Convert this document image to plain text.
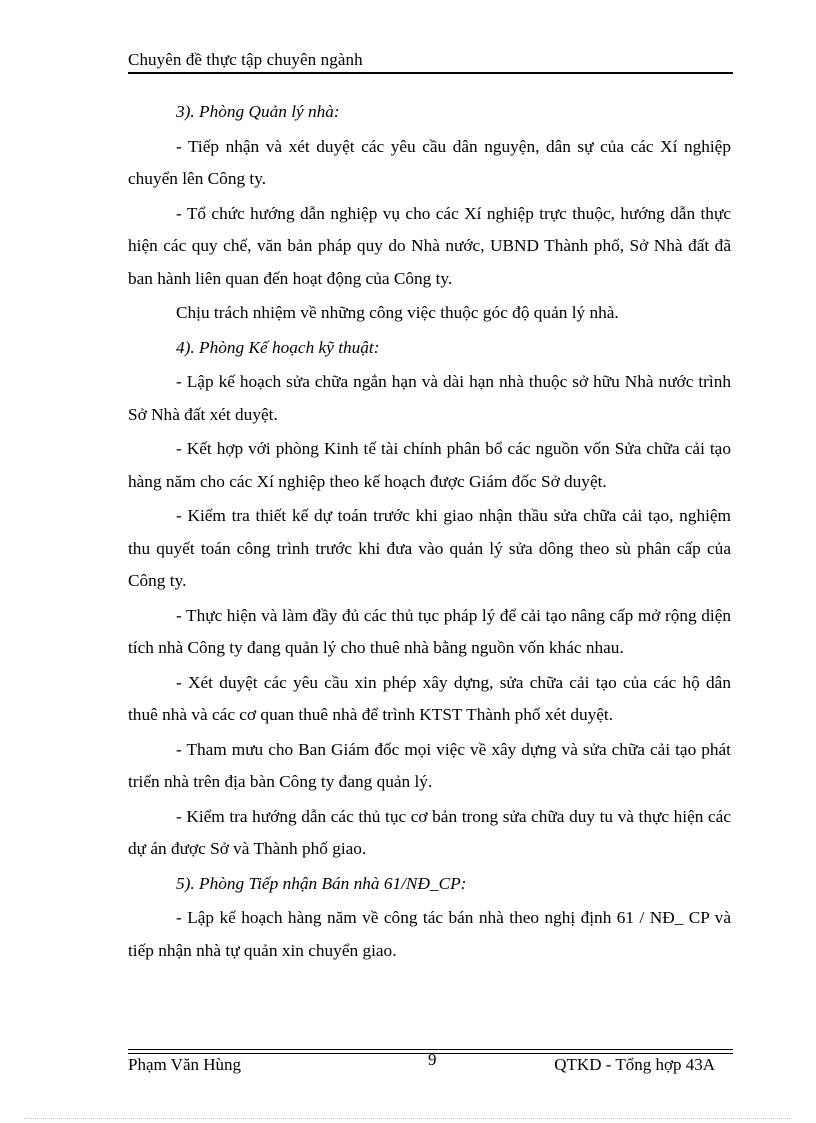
Chuyên đề thực tập chuyên ngành

3). Phòng Quản lý nhà:

- Tiếp nhận và xét duyệt các yêu cầu dân nguyện, dân sự của các Xí nghiệp chuyển lên Công ty.

- Tổ chức hướng dẫn nghiệp vụ cho các Xí nghiệp trực thuộc, hướng dẫn thực hiện các quy chế, văn bản pháp quy do Nhà nước, UBND Thành phố, Sở Nhà đất đã ban hành liên quan đến hoạt động của Công ty.

Chịu trách nhiệm về những công việc thuộc góc độ quản lý nhà.

4). Phòng Kế hoạch kỹ thuật:

- Lập kế hoạch sửa chữa ngắn hạn và dài hạn nhà thuộc sở hữu Nhà nước trình Sở Nhà đất xét duyệt.

- Kết hợp với phòng Kinh tế tài chính phân bổ các nguồn vốn Sửa chữa cải tạo hàng năm cho các Xí nghiệp theo kế hoạch được Giám đốc Sở duyệt.

- Kiểm tra thiết kế dự toán trước khi giao nhận thầu sửa chữa cải tạo, nghiệm thu quyết toán công trình trước khi đưa vào quản lý sửa dông theo sù phân cấp của Công ty.

- Thực hiện và làm đầy đủ các thủ tục pháp lý để cải tạo nâng cấp mở rộng diện tích nhà Công ty đang quản lý cho thuê nhà bằng nguồn vốn khác nhau.

- Xét duyệt các yêu cầu xin phép xây dựng, sửa chữa cải tạo của các hộ dân thuê nhà và các cơ quan thuê nhà để trình KTST Thành phố xét duyệt.

- Tham mưu cho Ban Giám đốc mọi việc về xây dựng và sửa chữa cải tạo phát triển nhà trên địa bàn Công ty đang quản lý.

- Kiểm tra hướng dẫn các thủ tục cơ bản trong sửa chữa duy tu và thực hiện các dự án được Sở và Thành phố giao.

5). Phòng Tiếp nhận Bán nhà 61/NĐ_CP:

- Lập kế hoạch hàng năm về công tác bán nhà theo nghị định 61 / NĐ_ CP và tiếp nhận nhà tự quản xin chuyển giao.

Phạm Văn Hùng	9	QTKD - Tổng hợp 43A
